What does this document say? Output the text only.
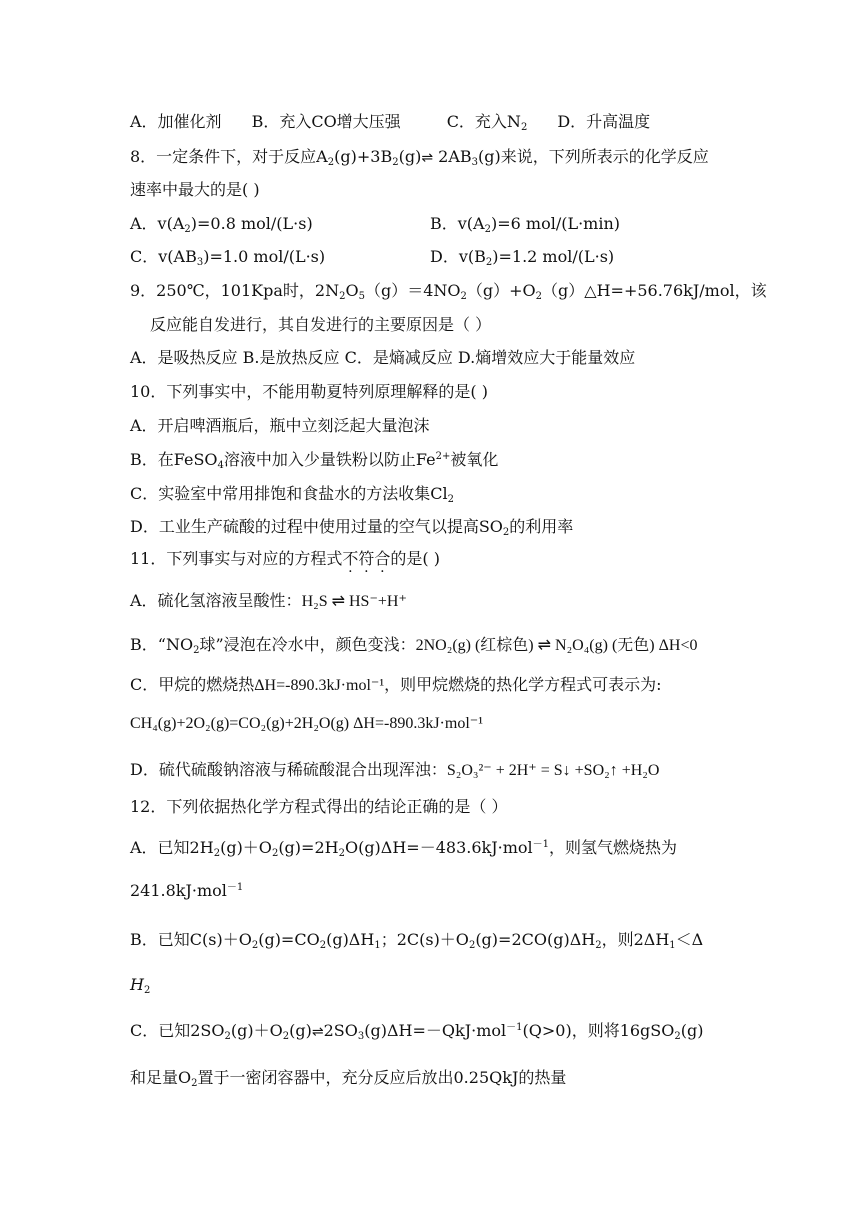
A．加催化剂 B．充入CO增大压强	C．充入$N_2$ D．升高温度
8．一定条件下，对于反应$A_2(g)+3B_2(g)\rightleftharpoons$ $2AB_3(g)$来说，下列所表示的化学反应
速率中最大的是( )
A．$v(A_2)=0.8$ mol/(L·s)	B．$v(A_2)=6$ mol/(L·min)
C．$v(AB_3)=1.0$ mol/(L·s)	D．$v(B_2)=1.2$ mol/(L·s)
9．250℃，101Kpa时，$2N_2O_5(g)=4NO_2(g)+O_2(g)\triangle H=+56.76kJ$/mol，该
反应能自发进行，其自发进行的主要原因是（ ）
A．是吸热反应 B.是放热反应 C．是熵减反应 D.熵增效应大于能量效应
10．下列事实中，不能用勒夏特列原理解释的是( )
A．开启啤酒瓶后，瓶中立刻泛起大量泡沫
B．在FeSO$_4$溶液中加入少量铁粉以防止$Fe^{2+}$被氧化
C．实验室中常用排饱和食盐水的方法收集$Cl_2$
D．工业生产硫酸的过程中使用过量的空气以提高$SO_2$的利用率
11．下列事实与对应的方程式不符合的是( )
A．硫化氢溶液呈酸性：H₂S ⇌ HS⁻+H⁺
B．“$NO_2$球”浸泡在冷水中，颜色变浅：2NO₂(g) (红棕色) ⇌ N₂O₄(g) (无色) ΔH<0
C．甲烷的燃烧热ΔH=-890.3kJ·mol⁻¹，则甲烷燃烧的热化学方程式可表示为:
CH₄(g)+2O₂(g)=CO₂(g)+2H₂O(g) ΔH=-890.3kJ·mol⁻¹
D．硫代硫酸钠溶液与稀硫酸混合出现浑浊：S₂O₃²⁻ + 2H⁺ = S↓ +SO₂↑ +H₂O
12．下列依据热化学方程式得出的结论正确的是（ ）
A．已知$2H_2(g)+O_2(g)=2H_2O(g)\Delta H=-483.6kJ\cdot mol^{-1}$，则氢气燃烧热为
241.8kJ·mol$^{-1}$
B．已知$C(s)+O_2(g)=CO_2(g)\Delta H_1$；$2C(s)+O_2(g)=2CO(g)\Delta H_2$，则$2\Delta H_1<\Delta$
$H_2$
C．已知$2SO_2(g)+O_2(g)\rightleftharpoons 2SO_3(g)\Delta H=-QkJ\cdot mol^{-1}(Q>0)$，则将16gSO$_2$(g)
和足量$O_2$置于一密闭容器中，充分反应后放出0.25QkJ的热量
